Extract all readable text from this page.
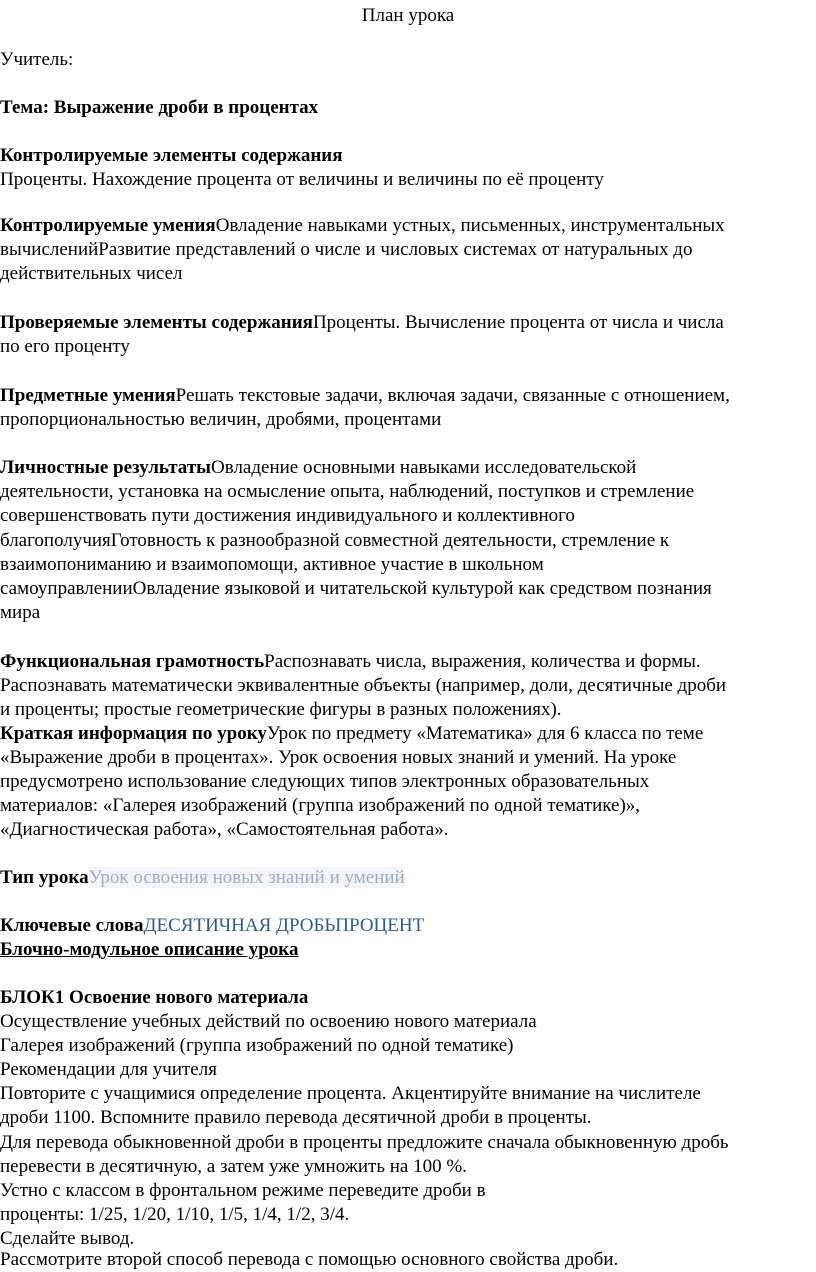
План урока
Учитель:
Тема: Выражение дроби в процентах
Контролируемые элементы содержания
Проценты. Нахождение процента от величины и величины по её проценту
Контролируемые уменияОвладение навыками устных, письменных, инструментальных
вычисленийРазвитие представлений о числе и числовых системах от натуральных до
действительных чисел
Проверяемые элементы содержанияПроценты. Вычисление процента от числа и числа
по его проценту
Предметные уменияРешать текстовые задачи, включая задачи, связанные с отношением,
пропорциональностью величин, дробями, процентами
Личностные результатыОвладение основными навыками исследовательской
деятельности, установка на осмысление опыта, наблюдений, поступков и стремление
совершенствовать пути достижения индивидуального и коллективного
благополучияГотовность к разнообразной совместной деятельности, стремление к
взаимопониманию и взаимопомощи, активное участие в школьном
самоуправленииОвладение языковой и читательской культурой как средством познания
мира
Функциональная грамотностьРаспознавать числа, выражения, количества и формы.
Распознавать математически эквивалентные объекты (например, доли, десятичные дроби
и проценты; простые геометрические фигуры в разных положениях).
Краткая информация по урокуУрок по предмету «Математика» для 6 класса по теме
«Выражение дроби в процентах». Урок освоения новых знаний и умений. На уроке
предусмотрено использование следующих типов электронных образовательных
материалов: «Галерея изображений (группа изображений по одной тематике)»,
«Диагностическая работа», «Самостоятельная работа».
Тип урокаУрок освоения новых знаний и умений
Ключевые словаДЕСЯТИЧНАЯ ДРОБЬПРОЦЕНТ
Блочно-модульное описание урока
БЛОК1 Освоение нового материала
Осуществление учебных действий по освоению нового материала
Галерея изображений (группа изображений по одной тематике)
Рекомендации для учителя
Повторите с учащимися определение процента. Акцентируйте внимание на числителе
дроби 1100. Вспомните правило перевода десятичной дроби в проценты.
Для перевода обыкновенной дроби в проценты предложите сначала обыкновенную дробь
перевести в десятичную, а затем уже умножить на 100 %.
Устно с классом в фронтальном режиме переведите дроби в
проценты: 1/25, 1/20, 1/10, 1/5, 1/4, 1/2, 3/4.
Сделайте вывод.
Рассмотрите второй способ перевода с помощью основного свойства дроби.
